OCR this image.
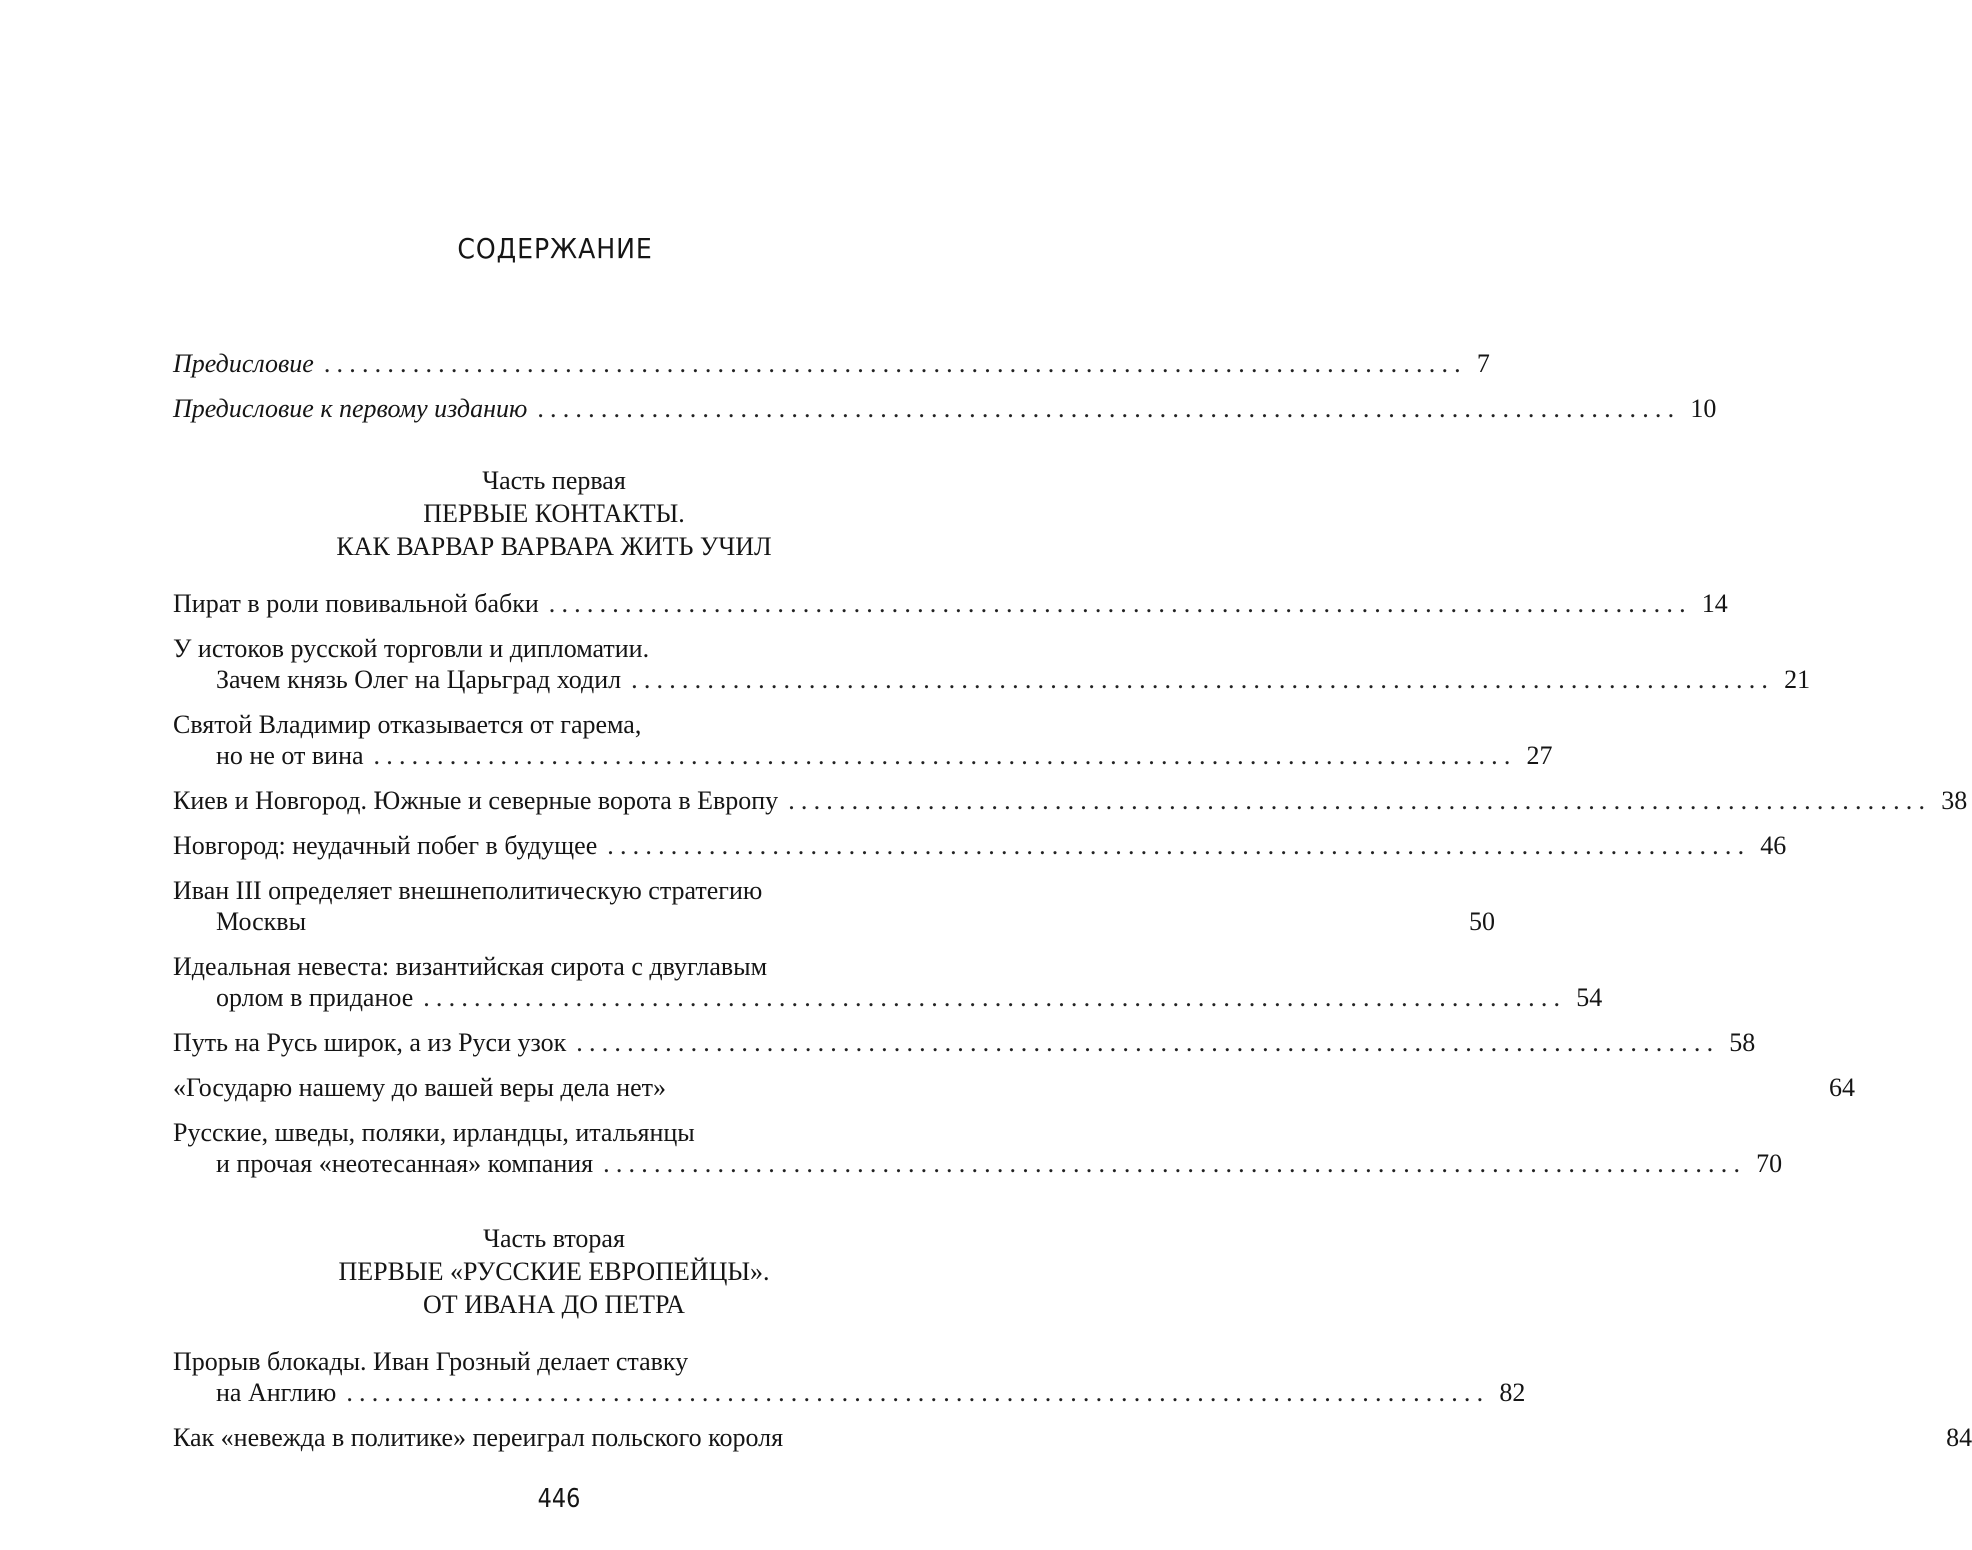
СОДЕРЖАНИЕ
Предисловие .......................................................................................... 7
Предисловие к первому изданию .......................................................................................... 10
Часть первая
ПЕРВЫЕ КОНТАКТЫ.
КАК ВАРВАР ВАРВАРА ЖИТЬ УЧИЛ
Пират в роли повивальной бабки .......................................................................................... 14
У истоков русской торговли и дипломатии.
Зачем князь Олег на Царьград ходил .......................................................................................... 21
Святой Владимир отказывается от гарема,
но не от вина .......................................................................................... 27
Киев и Новгород. Южные и северные ворота в Европу .......................................................................................... 38
Новгород: неудачный побег в будущее .......................................................................................... 46
Иван III определяет внешнеполитическую стратегию
Москвы	50
Идеальная невеста: византийская сирота с двуглавым
орлом в приданое .......................................................................................... 54
Путь на Русь широк, а из Руси узок .......................................................................................... 58
«Государю нашему до вашей веры дела нет»	64
Русские, шведы, поляки, ирландцы, итальянцы
и прочая «неотесанная» компания .......................................................................................... 70
Часть вторая
ПЕРВЫЕ «РУССКИЕ ЕВРОПЕЙЦЫ».
ОТ ИВАНА ДО ПЕТРА
Прорыв блокады. Иван Грозный делает ставку
на Англию .......................................................................................... 82
Как «невежда в политике» переиграл польского короля	84
446
